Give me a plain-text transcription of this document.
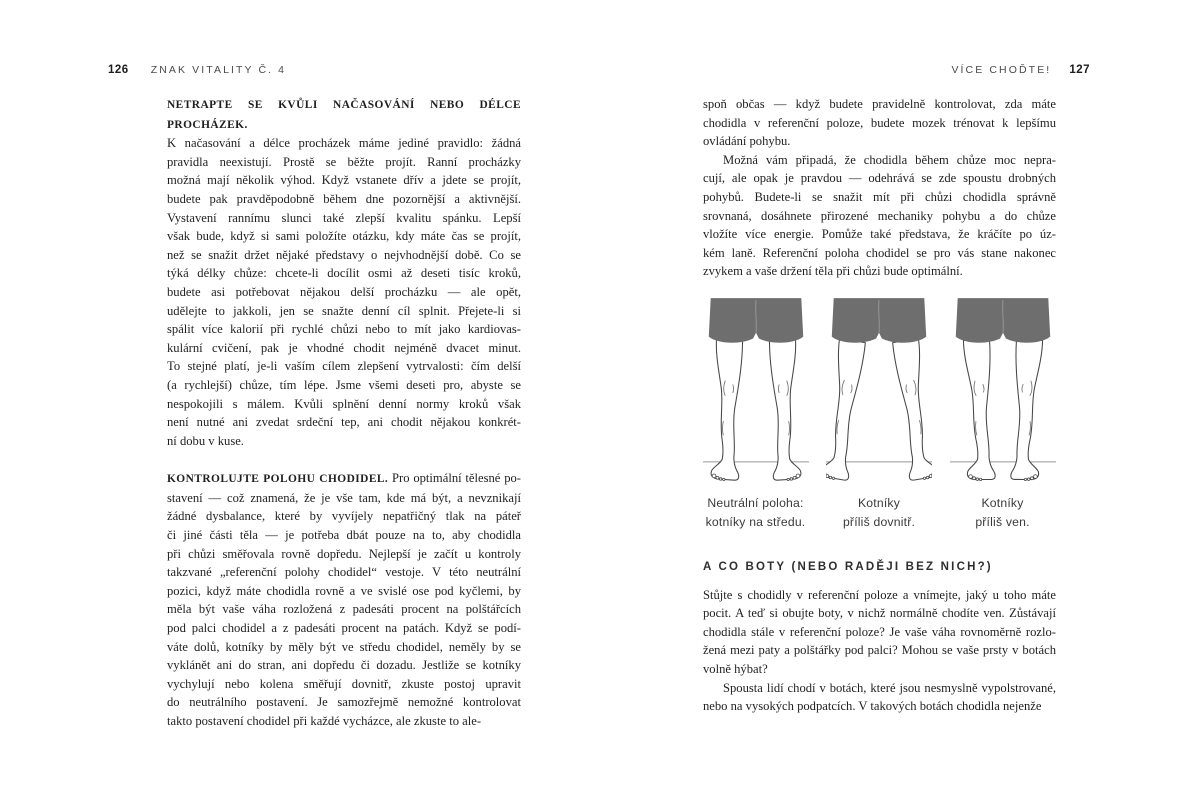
126 ZNAK VITALITY Č. 4	VÍCE CHOĎTE! 127
NETRAPTE SE KVŮLI NAČASOVÁNÍ NEBO DÉLCE PROCHÁZEK.
K načasování a délce procházek máme jediné pravidlo: žádná
pravidla neexistují. Prostě se běžte projít. Ranní procházky
možná mají několik výhod. Když vstanete dřív a jdete se projít,
budete pak pravděpodobně během dne pozornější a aktivnější.
Vystavení rannímu slunci také zlepší kvalitu spánku. Lepší
však bude, když si sami položíte otázku, kdy máte čas se projít,
než se snažit držet nějaké představy o nejvhodnější době. Co se
týká délky chůze: chcete-li docílit osmi až deseti tisíc kroků,
budete asi potřebovat nějakou delší procházku — ale opět,
udělejte to jakkoli, jen se snažte denní cíl splnit. Přejete-li si
spálit více kalorií při rychlé chůzi nebo to mít jako kardiovas-
kulární cvičení, pak je vhodné chodit nejméně dvacet minut.
To stejné platí, je-li vaším cílem zlepšení vytrvalosti: čím delší
(a rychlejší) chůze, tím lépe. Jsme všemi deseti pro, abyste se
nespokojili s málem. Kvůli splnění denní normy kroků však
není nutné ani zvedat srdeční tep, ani chodit nějakou konkrét-
ní dobu v kuse.
KONTROLUJTE POLOHU CHODIDEL. Pro optimální tělesné po-
stavení — což znamená, že je vše tam, kde má být, a nevznikají
žádné dysbalance, které by vyvíjely nepatřičný tlak na páteř
či jiné části těla — je potřeba dbát pouze na to, aby chodidla
při chůzi směřovala rovně dopředu. Nejlepší je začít u kontroly
takzvané „referenční polohy chodidel“ vestoje. V této neutrální
pozici, když máte chodidla rovně a ve svislé ose pod kyčlemi, by
měla být vaše váha rozložená z padesáti procent na polštářcích
pod palci chodidel a z padesáti procent na patách. Když se podí-
váte dolů, kotníky by měly být ve středu chodidel, neměly by se
vyklánět ani do stran, ani dopředu či dozadu. Jestliže se kotníky
vychylují nebo kolena směřují dovnitř, zkuste postoj upravit
do neutrálního postavení. Je samozřejmě nemožné kontrolovat
takto postavení chodidel při každé vycházce, ale zkuste to ale-
spoň občas — když budete pravidelně kontrolovat, zda máte
chodidla v referenční poloze, budete mozek trénovat k lepšímu
ovládání pohybu.
Možná vám připadá, že chodidla během chůze moc nepra-
cují, ale opak je pravdou — odehrává se zde spoustu drobných
pohybů. Budete-li se snažit mít při chůzi chodidla správně
srovnaná, dosáhnete přirozené mechaniky pohybu a do chůze
vložíte více energie. Pomůže také představa, že kráčíte po úz-
kém laně. Referenční poloha chodidel se pro vás stane nakonec
zvykem a vaše držení těla při chůzi bude optimální.
Neutrální poloha:
kotníky na středu.
Kotníky
příliš dovnitř.
Kotníky
příliš ven.
A CO BOTY (NEBO RADĚJI BEZ NICH?)
Stůjte s chodidly v referenční poloze a vnímejte, jaký u toho máte
pocit. A teď si obujte boty, v nichž normálně chodíte ven. Zůstávají
chodidla stále v referenční poloze? Je vaše váha rovnoměrně rozlo-
žená mezi paty a polštářky pod palci? Mohou se vaše prsty v botách
volně hýbat?
Spousta lidí chodí v botách, které jsou nesmyslně vypolstrované,
nebo na vysokých podpatcích. V takových botách chodidla nejenže
